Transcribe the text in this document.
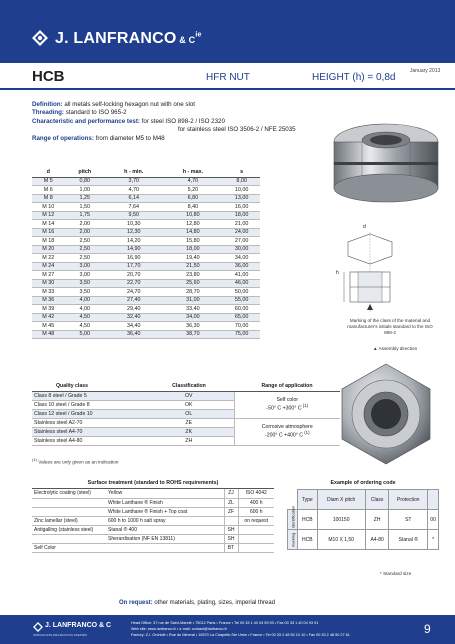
J. LANFRANCO & $C^{ie}$
HCB	HFR NUT	HEIGHT (h) = 0,8d
January 2013
Definition: all metals self-locking hexagon nut with one slot
Threading: standard to ISO 965-2
Characteristic and performance test: for steel ISO 898-2 / ISO 2320
for stainless steel ISO 3506-2 / NFE 25035
Range of operations: from diameter M5 to M48
d	pitch	h - min.	h - max.	s
M 5	0,80	3,70	4,70	8,00
M 6	1,00	4,70	5,20	10,00
M 8	1,25	6,14	6,80	13,00
M 10	1,50	7,64	8,40	16,00
M 12	1,75	9,50	10,80	18,00
M 14	2,00	10,30	12,80	21,00
M 16	2,00	12,30	14,80	24,00
M 18	2,50	14,20	15,80	27,00
M 20	2,50	14,90	18,00	30,00
M 22	2,50	16,90	19,40	34,00
M 24	3,00	17,70	21,50	36,00
M 27	3,00	20,70	23,80	41,00
M 30	3,50	22,70	25,60	46,00
M 33	3,50	24,70	28,70	50,00
M 36	4,00	27,40	31,00	55,00
M 39	4,00	29,40	33,40	60,00
M 42	4,50	32,40	34,00	65,00
M 45	4,50	34,40	36,30	70,00
M 48	5,00	36,40	38,70	75,00
d
h
Marking of the class of the material and manufacturer's initials standard to the ISO 898-2
▲ Assembly direction
Quality class	Classification	Range of application
Class 8 steel / Grade 5	OV	Self color
-50° C +300° C $^{(1)}$
Class 10 steel / Grade 8	OK	
Class 12 steel / Grade 10	OL	
Stainless steel A2-70	ZE	Corrosive atmosphere
-200° C +400° C $^{(1)}$
Stainless steel A4-70	ZK	
Stainless steel A4-80	ZH	
$^{(1)}$ Values are only given as an indication
Surface treatment (standard to ROHS requirements)
Electrolytic coating (steel)	Yellow	ZJ	ISO 4042
	White Lanthane ® Finish	ZL	400 h
	White Lanthane ® Finish + Top coat	ZF	600 h
Zinc lamellar (steel)	600 h to 1000 h salt spray		on request
Antigalling (stainless steel)	Stanal ® 400	SH	
	Sherardisation (NF EN 13811)	SH	
Self Color		BT	
Example of ordering code
	Type	Diam X pitch	Class	Protection	
identification	HCB	100150	ZH	ST	00
marking	HCB	M10 X 1,50	A4-80	Stanal ®	*
* Standard size
On request: other materials, plating, sizes, imperial thread
J. LANFRANCO & C
SPÉCIALISTE DES ÉCROUS FREINÉS
Head Office: 37 rue de Saint-Mandé • 75012 Paris • France • Tel 00 33 1 40 04 93 93 • Fax 00 33 1 40 04 93 91
Web site: www.lanfranco.fr • e-mail: contact@lanfranco.fr
Factory: Z.I. Orchidé • Rue du Mineral • 16570 La Chapelle-Ste Ursin • France • Tel 00 33 2 48 50 10 10 • Fax 00 33 2 48 50 27 81	9
